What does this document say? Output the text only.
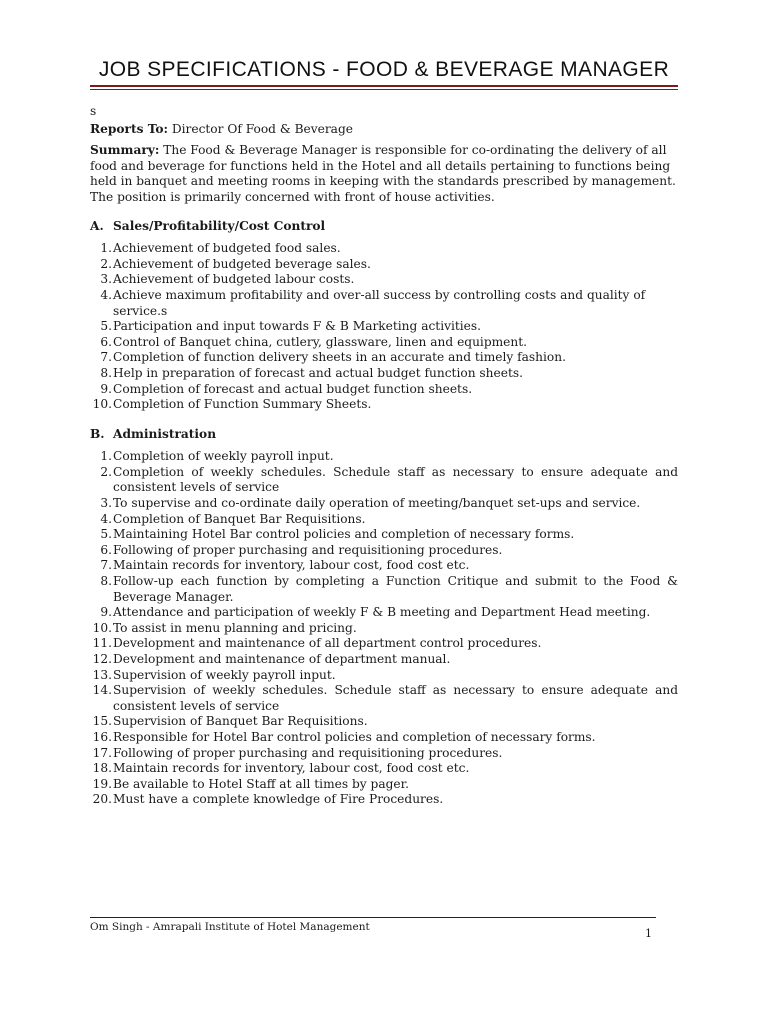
JOB SPECIFICATIONS - FOOD & BEVERAGE MANAGER

s

Reports To: Director Of Food & Beverage

Summary: The Food & Beverage Manager is responsible for co-ordinating the delivery of all food and beverage for functions held in the Hotel and all details pertaining to functions being held in banquet and meeting rooms in keeping with the standards prescribed by management. The position is primarily concerned with front of house activities.

A. Sales/Profitability/Cost Control
1. Achievement of budgeted food sales.
2. Achievement of budgeted beverage sales.
3. Achievement of budgeted labour costs.
4. Achieve maximum profitability and over-all success by controlling costs and quality of service.s
5. Participation and input towards F & B Marketing activities.
6. Control of Banquet china, cutlery, glassware, linen and equipment.
7. Completion of function delivery sheets in an accurate and timely fashion.
8. Help in preparation of forecast and actual budget function sheets.
9. Completion of forecast and actual budget function sheets.
10. Completion of Function Summary Sheets.
B. Administration
1. Completion of weekly payroll input.
2. Completion of weekly schedules. Schedule staff as necessary to ensure adequate and consistent levels of service
3. To supervise and co-ordinate daily operation of meeting/banquet set-ups and service.
4. Completion of Banquet Bar Requisitions.
5. Maintaining Hotel Bar control policies and completion of necessary forms.
6. Following of proper purchasing and requisitioning procedures.
7. Maintain records for inventory, labour cost, food cost etc.
8. Follow-up each function by completing a Function Critique and submit to the Food & Beverage Manager.
9. Attendance and participation of weekly F & B meeting and Department Head meeting.
10. To assist in menu planning and pricing.
11. Development and maintenance of all department control procedures.
12. Development and maintenance of department manual.
13. Supervision of weekly payroll input.
14. Supervision of weekly schedules. Schedule staff as necessary to ensure adequate and consistent levels of service
15. Supervision of Banquet Bar Requisitions.
16. Responsible for Hotel Bar control policies and completion of necessary forms.
17. Following of proper purchasing and requisitioning procedures.
18. Maintain records for inventory, labour cost, food cost etc.
19. Be available to Hotel Staff at all times by pager.
20. Must have a complete knowledge of Fire Procedures.
Om Singh - Amrapali Institute of Hotel Management	1
